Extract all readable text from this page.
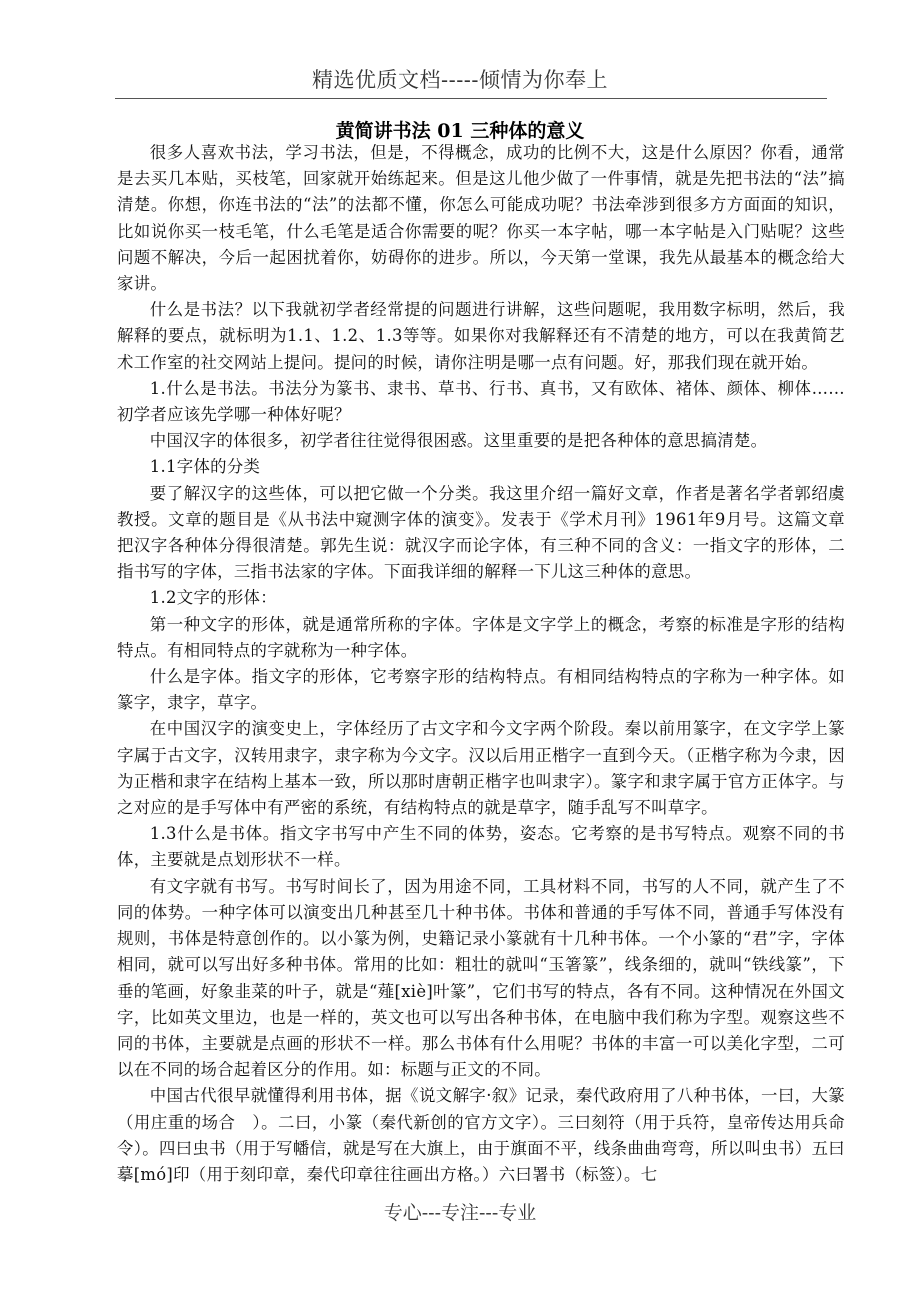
精选优质文档-----倾情为你奉上
黄简讲书法 01 三种体的意义

很多人喜欢书法，学习书法，但是，不得概念，成功的比例不大，这是什么原因？你看，通常是去买几本贴，买枝笔，回家就开始练起来。但是这儿他少做了一件事情，就是先把书法的“法”搞清楚。你想，你连书法的“法”的法都不懂，你怎么可能成功呢？书法牵涉到很多方方面面的知识，比如说你买一枝毛笔，什么毛笔是适合你需要的呢？你买一本字帖，哪一本字帖是入门贴呢？这些问题不解决，今后一起困扰着你，妨碍你的进步。所以，今天第一堂课，我先从最基本的概念给大家讲。

什么是书法？以下我就初学者经常提的问题进行讲解，这些问题呢，我用数字标明，然后，我解释的要点，就标明为1.1、1.2、1.3等等。如果你对我解释还有不清楚的地方，可以在我黄简艺术工作室的社交网站上提问。提问的时候，请你注明是哪一点有问题。好，那我们现在就开始。

1.什么是书法。书法分为篆书、隶书、草书、行书、真书，又有欧体、褚体、颜体、柳体……初学者应该先学哪一种体好呢？

中国汉字的体很多，初学者往往觉得很困惑。这里重要的是把各种体的意思搞清楚。

1.1字体的分类

要了解汉字的这些体，可以把它做一个分类。我这里介绍一篇好文章，作者是著名学者郭绍虞教授。文章的题目是《从书法中窥测字体的演变》。发表于《学术月刊》1961年9月号。这篇文章把汉字各种体分得很清楚。郭先生说：就汉字而论字体，有三种不同的含义：一指文字的形体，二指书写的字体，三指书法家的字体。下面我详细的解释一下儿这三种体的意思。

1.2文字的形体：

第一种文字的形体，就是通常所称的字体。字体是文字学上的概念，考察的标准是字形的结构特点。有相同特点的字就称为一种字体。

什么是字体。指文字的形体，它考察字形的结构特点。有相同结构特点的字称为一种字体。如篆字，隶字，草字。

在中国汉字的演变史上，字体经历了古文字和今文字两个阶段。秦以前用篆字，在文字学上篆字属于古文字，汉转用隶字，隶字称为今文字。汉以后用正楷字一直到今天。（正楷字称为今隶，因为正楷和隶字在结构上基本一致，所以那时唐朝正楷字也叫隶字）。篆字和隶字属于官方正体字。与之对应的是手写体中有严密的系统，有结构特点的就是草字，随手乱写不叫草字。

1.3什么是书体。指文字书写中产生不同的体势，姿态。它考察的是书写特点。观察不同的书体，主要就是点划形状不一样。

有文字就有书写。书写时间长了，因为用途不同，工具材料不同，书写的人不同，就产生了不同的体势。一种字体可以演变出几种甚至几十种书体。书体和普通的手写体不同，普通手写体没有规则，书体是特意创作的。以小篆为例，史籍记录小篆就有十几种书体。一个小篆的“君”字，字体相同，就可以写出好多种书体。常用的比如：粗壮的就叫“玉箸篆”，线条细的，就叫“铁线篆”，下垂的笔画，好象韭菜的叶子，就是“薤[xiè]叶篆”，它们书写的特点，各有不同。这种情况在外国文字，比如英文里边，也是一样的，英文也可以写出各种书体，在电脑中我们称为字型。观察这些不同的书体，主要就是点画的形状不一样。那么书体有什么用呢？书体的丰富一可以美化字型，二可以在不同的场合起着区分的作用。如：标题与正文的不同。

中国古代很早就懂得利用书体，据《说文解字·叙》记录，秦代政府用了八种书体，一曰，大篆（用庄重的场合　）。二曰，小篆（秦代新创的官方文字）。三曰刻符（用于兵符，皇帝传达用兵命令）。四曰虫书（用于写幡信，就是写在大旗上，由于旗面不平，线条曲曲弯弯，所以叫虫书）五曰摹[mó]印（用于刻印章，秦代印章往往画出方格。）六曰署书（标签）。七

专心---专注---专业
